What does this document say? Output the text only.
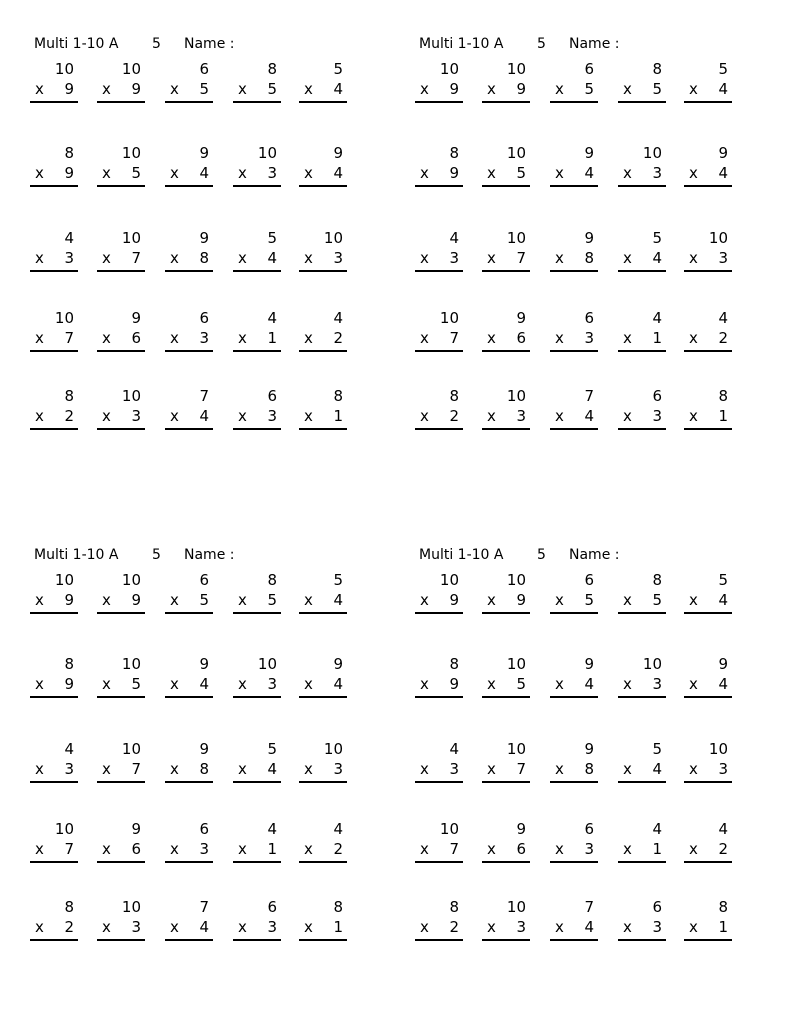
Multi 1-10 A 5 Name :
10
x 9
10
x 9
6
x 5
8
x 5
5
x 4
8
x 9
10
x 5
9
x 4
10
x 3
9
x 4
4
x 3
10
x 7
9
x 8
5
x 4
10
x 3
10
x 7
9
x 6
6
x 3
4
x 1
4
x 2
8
x 2
10
x 3
7
x 4
6
x 3
8
x 1
Multi 1-10 A 5 Name :
10
x 9
10
x 9
6
x 5
8
x 5
5
x 4
8
x 9
10
x 5
9
x 4
10
x 3
9
x 4
4
x 3
10
x 7
9
x 8
5
x 4
10
x 3
10
x 7
9
x 6
6
x 3
4
x 1
4
x 2
8
x 2
10
x 3
7
x 4
6
x 3
8
x 1
Multi 1-10 A 5 Name :
10
x 9
10
x 9
6
x 5
8
x 5
5
x 4
8
x 9
10
x 5
9
x 4
10
x 3
9
x 4
4
x 3
10
x 7
9
x 8
5
x 4
10
x 3
10
x 7
9
x 6
6
x 3
4
x 1
4
x 2
8
x 2
10
x 3
7
x 4
6
x 3
8
x 1
Multi 1-10 A 5 Name :
10
x 9
10
x 9
6
x 5
8
x 5
5
x 4
8
x 9
10
x 5
9
x 4
10
x 3
9
x 4
4
x 3
10
x 7
9
x 8
5
x 4
10
x 3
10
x 7
9
x 6
6
x 3
4
x 1
4
x 2
8
x 2
10
x 3
7
x 4
6
x 3
8
x 1
